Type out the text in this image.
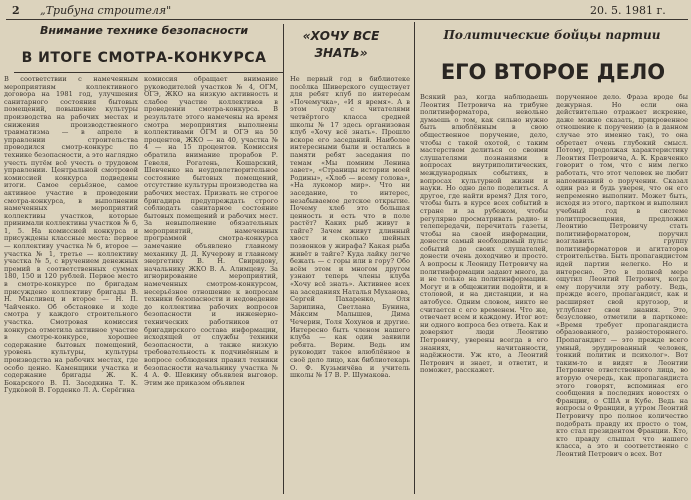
2 „Трибуна строителя"	20. 5. 1981 г.
Внимание технике безопасности
В ИТОГЕ СМОТРА-КОНКУРСА
В соответствии с намеченным мероприятиям коллективного договора на 1981 год, улучшения санитарного состояния бытовых помещений, повышение культуры производства на рабочих местах и снижения производственного травматизма — в апреле в управлении строительства проводился смотр-конкурс по технике безопасности, а это наглядно учесть путём всё учесть о трудовом управлении. Центральной смотровой комиссией конкурса подведены итоги. Самое серьёзное, самое активное участие в проведении смотра-конкурса, в выполнении намеченных мероприятий коллективы участков, которые принимали коллективы участков № 6, 1, 5. На комиссией конкурса и присуждены классные места: первое — коллективу участка № 6, второе — участка № 1, третье — коллективу участка № 5, с вручением денежных премий в соответственных суммах 180, 150 и 120 рублей. Первое место в смотре-конкурсе по бригадам присуждено коллективу бригады В. Н. Мысливец и второе — Н. П. Чайченко. Об обстановке и ходе смотра у каждого строительного участка. Смотровая комиссия конкурса отметила активное участие в смотре-конкурсе, хорошее содержание бытовых помещений, уровень культуры, культуры производства на рабочих местах, где особо ценно. Каменщики участка и содержание бригады Ж. К. Бокарского В. П. Заседкина Т. К. Гудковой В. Горденко Л. А. Серёгина
комиссия обращает внимание руководителей участков № 4, ОГМ, ОГЭ, ЖКО на низкую активность и слабое участие коллективов в проведении смотра-конкурса. В результате этого намечены на время смотра мероприятия выполнены коллективами ОГМ и ОГЭ на 50 процентов, ЖКО — на 40, участка № 4 — на 15 процентов. Комиссия обратила внимание прорабов Р. Гевеля, Рогатень, Кошарский, Шевченко на неудовлетворительное состояние бытовых помещений, отсутствие культуры производства на рабочих местах. Призвать не строгое бригадира предупреждать строго соблюдать санитарное состояние бытовых помещений и рабочих мест. За невыполнение обязательных мероприятий, намеченных программой смотра-конкурса замечание объявлено главному механику Д. Д. Кучерову и главному энергетику В. Н. Свиридову, начальнику ЖКО В. А. Алимцеву. За игнорирование мероприятий, намеченных смотром-конкурсом, несерьёзное отношение к вопросам техники безопасности и недоведение до коллектива рабочих вопросов безопасности и инженерно-технических работников от бригадирского состава информации, исходящей от службы техники безопасности, а также низкую требовательность к подчинённым в вопросе соблюдения правил техники безопасности начальнику участка № 4 А. Ф. Шевкину объявлен выговор. Этим же приказом объявлен
«ХОЧУ ВСЕ ЗНАТЬ»
Не первый год в библиотеке посёлка Шиверского существует для ребят клуб по интересам «Почемучка», «И я время». А в этом году с читателями четвёртого класса средней школы № 17 здесь организован клуб «Хочу всё знать». Прошло вскоре его заседаний. Наиболее интересными были и остались в памяти ребят заседания по темам «Мы помним Ленина завет», «Страницы истории моей Родины», «Хлеб — всему голова», «На лукомор мир». Что ни заседание, то интерес, незабываемое детское открытие. Почему хлеб это большая ценность и есть что в поле растёт? Каких рыб живут в тайге? Зачем живут длинный хвост и сколько шейных позвонков у жирафа? Какая рыба живёт в тайге? Куда лайку легче бежать — с горы или в гору? Обо всём этом и многом другом узнают теперь члены клуба «Хочу всё знать». Активнее всех на заседаниях Наталья Муханова, Сергей Пахаренко, Оля Зарипина, Светлана Бунина, Максим Малышев, Дима Чечерин, Толя Хохунов и другие. Интересно быть членом нашего клуба — как один заявили ребята. Верим. Ведь им руководит такое влюблённое в своё дело лицо, как библиотекарь О. Ф. Кузьмичёва и учитель школы № 17 В. Р. Шумакова.
Политические бойцы партии
ЕГО ВТОРОЕ ДЕЛО
Всякий раз, когда наблюдаешь Леонтия Петровича на трибуне политинформатора, невольно думаешь о том, как сильно нужно быть влюблённым в свою общественное поручение, дело, чтобы с такой охотой, с таким мастерством делиться со своими слушателями познаниями в вопросах внутриполитических, международных событиях, в вопросах культурной жизни и науки. Но одно дело поделиться. А другое, где найти время? Для того, чтобы быть в курсе всех событий в стране и за рубежом, чтобы регулярно просматривать радио- и телепередачи, перечитать газеты, чтобы на своей информации, донести самый необходимый пульс событий до своих слушателей, донести очень доходчиво и просто. А вопросы к Леониду Петровичу на политинформации задают много, да и не только на политинформации. Могут и в общежитии подойти, и в столовой, и на дистанции, и на автобусе. Одним словом, никто не считается с его временем. Что же, отвечает всем и каждому. Итог вот: ни одного вопроса без ответа. Как и доверяют люди Леонтию Петровичу, уверены всегда в его знаниях, начитанности, надёжности. Уж кто, а Леонтий Петрович и знает, и ответит, и поможет, расскажет.
порученное дело. Фраза вроде бы дежурная. Но если она действительно отражает искренне, даже можно сказать, прикровенное отношение к поручению (а в данном случае это именно так), то она обретает очень глубокий смысл. Потому, продолжая характеристику Леонтия Петровича, А. К. Кравченко говорит о том, что с ним легко работать, что этот человек не любит напоминаний о поручении. Сказал один раз и будь уверен, что он его непременно выполнит. Может быть, исходя из этого, партком и выполнил учебный год в системе политпросвещения, предложил Леонтию Петровичу стать политинформатором, поручил возглавить группу политинформаторов и агитаторов строительства. Быть пропагандистом идей партии нелегко. Но и интересно. Это в полной мере ощутил Леонтий Петрович, когда ему поручили эту работу. Ведь, прежде всего, пропагандист, как и расширяет свой кругозор, и углубляет свои знания. Это, безусловно, отметили в парткоме: «Время требует пропагандиста образованного, разностороннего. Пропагандист — это прежде всего умный, эрудированный человек, тонкий политик и психолог». Вот таким-то и видят в Леонтии Петровиче ответственного лица, во вторую очередь, как пропагандиста этого говорят, вспоминая его сообщения в последних новостях о Франции, о США и Кубе. Ведь на вопросы о Франции, в утром Леонтий Петровичу про полное количество подобрать правду их просто о том, кто стал президентом Франции. Кто, кто правду слышал что нашего класса, а это и соответственно с Леонтий Петрович о всех. Вот
